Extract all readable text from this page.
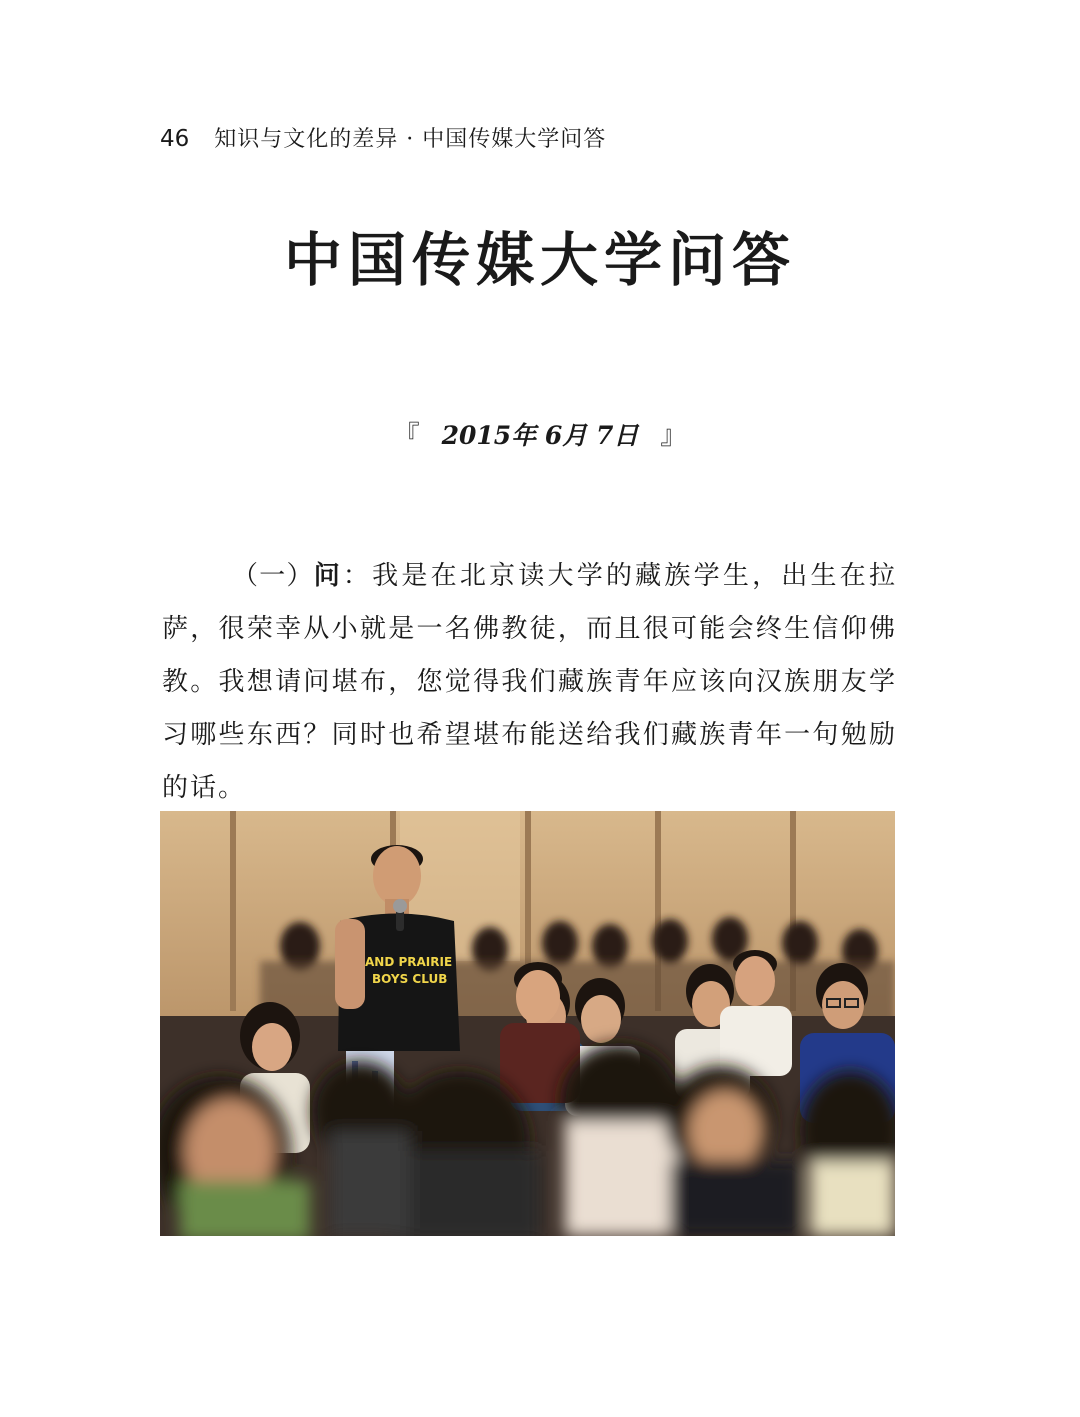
46 知识与文化的差异 · 中国传媒大学问答
中国传媒大学问答
『 2015年 6月 7日 』

（一）问：我是在北京读大学的藏族学生，出生在拉萨，很荣幸从小就是一名佛教徒，而且很可能会终生信仰佛教。我想请问堪布，您觉得我们藏族青年应该向汉族朋友学习哪些东西？同时也希望堪布能送给我们藏族青年一句勉励的话。

AND PRAIRIE
BOYS CLUB
